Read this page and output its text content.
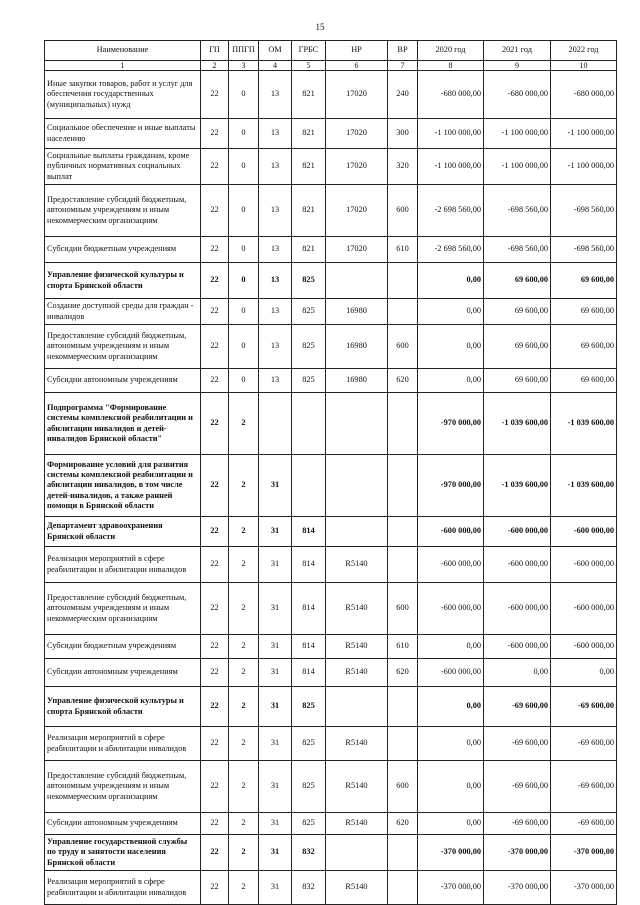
15
Наименование	ГП	ППГП	ОМ	ГРБС	НР	ВР	2020 год	2021 год	2022 год
1	2	3	4	5	6	7	8	9	10
Иные закупки товаров, работ и услуг для обеспечения государственных (муниципальных) нужд	22	0	13	821	17020	240	-680 000,00	-680 000,00	-680 000,00
Социальное обеспечение и иные выплаты населению	22	0	13	821	17020	300	-1 100 000,00	-1 100 000,00	-1 100 000,00
Социальные выплаты гражданам, кроме публичных нормативных социальных выплат	22	0	13	821	17020	320	-1 100 000,00	-1 100 000,00	-1 100 000,00
Предоставление субсидий бюджетным, автономным учреждениям и иным некоммерческим организациям	22	0	13	821	17020	600	-2 698 560,00	-698 560,00	-698 560,00
Субсидии бюджетным учреждениям	22	0	13	821	17020	610	-2 698 560,00	-698 560,00	-698 560,00
Управление физической культуры и спорта Брянской области	22	0	13	825			0,00	69 600,00	69 600,00
Создание доступной среды для граждан - инвалидов	22	0	13	825	16980		0,00	69 600,00	69 600,00
Предоставление субсидий бюджетным, автономным учреждениям и иным некоммерческим организациям	22	0	13	825	16980	600	0,00	69 600,00	69 600,00
Субсидии автономным учреждениям	22	0	13	825	16980	620	0,00	69 600,00	69 600,00
Подпрограмма "Формирование системы комплексной реабилитации и абилитации инвалидов и детей-инвалидов Брянской области"	22	2					-970 000,00	-1 039 600,00	-1 039 600,00
Формирование условий для развития системы комплексной реабилитации и абилитации инвалидов, в том числе детей-инвалидов, а также ранней помощи в Брянской области	22	2	31				-970 000,00	-1 039 600,00	-1 039 600,00
Департамент здравоохранения Брянской области	22	2	31	814			-600 000,00	-600 000,00	-600 000,00
Реализация мероприятий в сфере реабилитации и абилитации инвалидов	22	2	31	814	R5140		-600 000,00	-600 000,00	-600 000,00
Предоставление субсидий бюджетным, автономным учреждениям и иным некоммерческим организациям	22	2	31	814	R5140	600	-600 000,00	-600 000,00	-600 000,00
Субсидии бюджетным учреждениям	22	2	31	814	R5140	610	0,00	-600 000,00	-600 000,00
Субсидии автономным учреждениям	22	2	31	814	R5140	620	-600 000,00	0,00	0,00
Управление физической культуры и спорта Брянской области	22	2	31	825			0,00	-69 600,00	-69 600,00
Реализация мероприятий в сфере реабилитации и абилитации инвалидов	22	2	31	825	R5140		0,00	-69 600,00	-69 600,00
Предоставление субсидий бюджетным, автономным учреждениям и иным некоммерческим организациям	22	2	31	825	R5140	600	0,00	-69 600,00	-69 600,00
Субсидии автономным учреждениям	22	2	31	825	R5140	620	0,00	-69 600,00	-69 600,00
Управление государственной службы по труду и занятости населения Брянской области	22	2	31	832			-370 000,00	-370 000,00	-370 000,00
Реализация мероприятий в сфере реабилитации и абилитации инвалидов	22	2	31	832	R5140		-370 000,00	-370 000,00	-370 000,00
